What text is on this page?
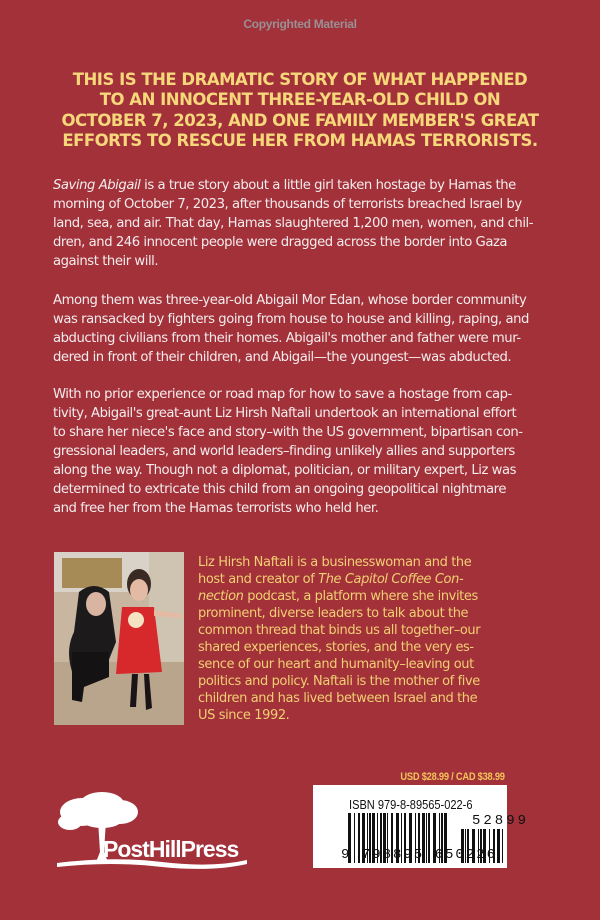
Copyrighted Material
THIS IS THE DRAMATIC STORY OF WHAT HAPPENED
TO AN INNOCENT THREE-YEAR-OLD CHILD ON
OCTOBER 7, 2023, AND ONE FAMILY MEMBER'S GREAT
EFFORTS TO RESCUE HER FROM HAMAS TERRORISTS.
Saving Abigail is a true story about a little girl taken hostage by Hamas the
morning of October 7, 2023, after thousands of terrorists breached Israel by
land, sea, and air. That day, Hamas slaughtered 1,200 men, women, and chil-
dren, and 246 innocent people were dragged across the border into Gaza
against their will.
Among them was three-year-old Abigail Mor Edan, whose border community
was ransacked by fighters going from house to house and killing, raping, and
abducting civilians from their homes. Abigail's mother and father were mur-
dered in front of their children, and Abigail—the youngest—was abducted.
With no prior experience or road map for how to save a hostage from cap-
tivity, Abigail's great-aunt Liz Hirsh Naftali undertook an international effort
to share her niece's face and story–with the US government, bipartisan con-
gressional leaders, and world leaders–finding unlikely allies and supporters
along the way. Though not a diplomat, politician, or military expert, Liz was
determined to extricate this child from an ongoing geopolitical nightmare
and free her from the Hamas terrorists who held her.
Liz Hirsh Naftali is a businesswoman and the
host and creator of The Capitol Coffee Con-
nection podcast, a platform where she invites
prominent, diverse leaders to talk about the
common thread that binds us all together–our
shared experiences, stories, and the very es-
sence of our heart and humanity–leaving out
politics and policy. Naftali is the mother of five
children and has lived between Israel and the
US since 1992.
USD $28.99 / CAD $38.99
ISBN 979-8-89565-022-6
52899
9 798895 650226
PostHillPress
